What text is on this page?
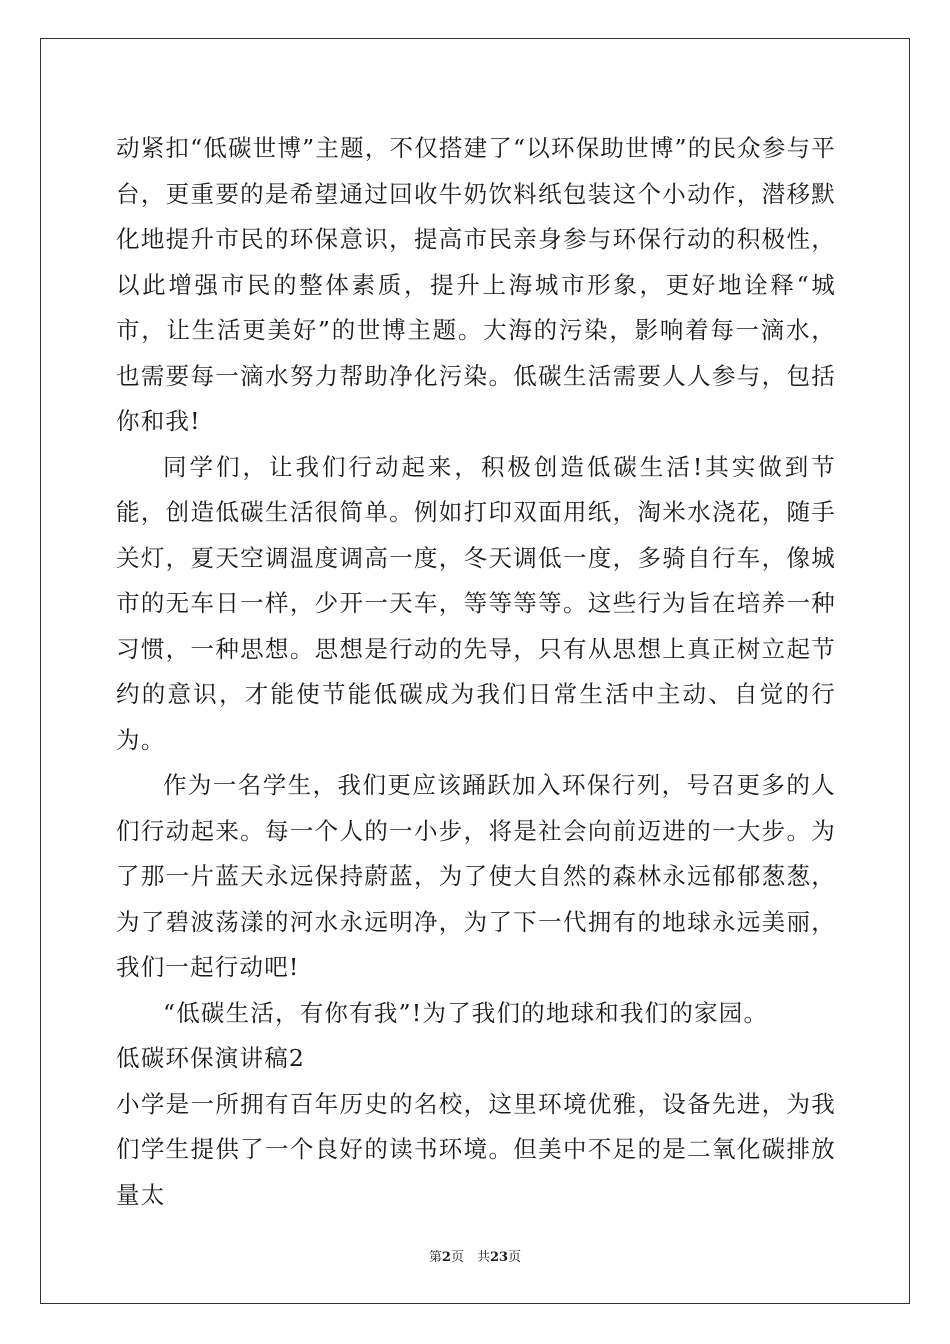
动紧扣“低碳世博”主题，不仅搭建了“以环保助世博”的民众参与平台，更重要的是希望通过回收牛奶饮料纸包装这个小动作，潜移默化地提升市民的环保意识，提高市民亲身参与环保行动的积极性，以此增强市民的整体素质，提升上海城市形象，更好地诠释“城市，让生活更美好”的世博主题。大海的污染，影响着每一滴水，也需要每一滴水努力帮助净化污染。低碳生活需要人人参与，包括你和我!

同学们，让我们行动起来，积极创造低碳生活!其实做到节能，创造低碳生活很简单。例如打印双面用纸，淘米水浇花，随手关灯，夏天空调温度调高一度，冬天调低一度，多骑自行车，像城市的无车日一样，少开一天车，等等等等。这些行为旨在培养一种习惯，一种思想。思想是行动的先导，只有从思想上真正树立起节约的意识，才能使节能低碳成为我们日常生活中主动、自觉的行为。

作为一名学生，我们更应该踊跃加入环保行列，号召更多的人们行动起来。每一个人的一小步，将是社会向前迈进的一大步。为了那一片蓝天永远保持蔚蓝，为了使大自然的森林永远郁郁葱葱，为了碧波荡漾的河水永远明净，为了下一代拥有的地球永远美丽，我们一起行动吧!

“低碳生活，有你有我”!为了我们的地球和我们的家园。

低碳环保演讲稿2

小学是一所拥有百年历史的名校，这里环境优雅，设备先进，为我们学生提供了一个良好的读书环境。但美中不足的是二氧化碳排放量太

第2页　共23页
